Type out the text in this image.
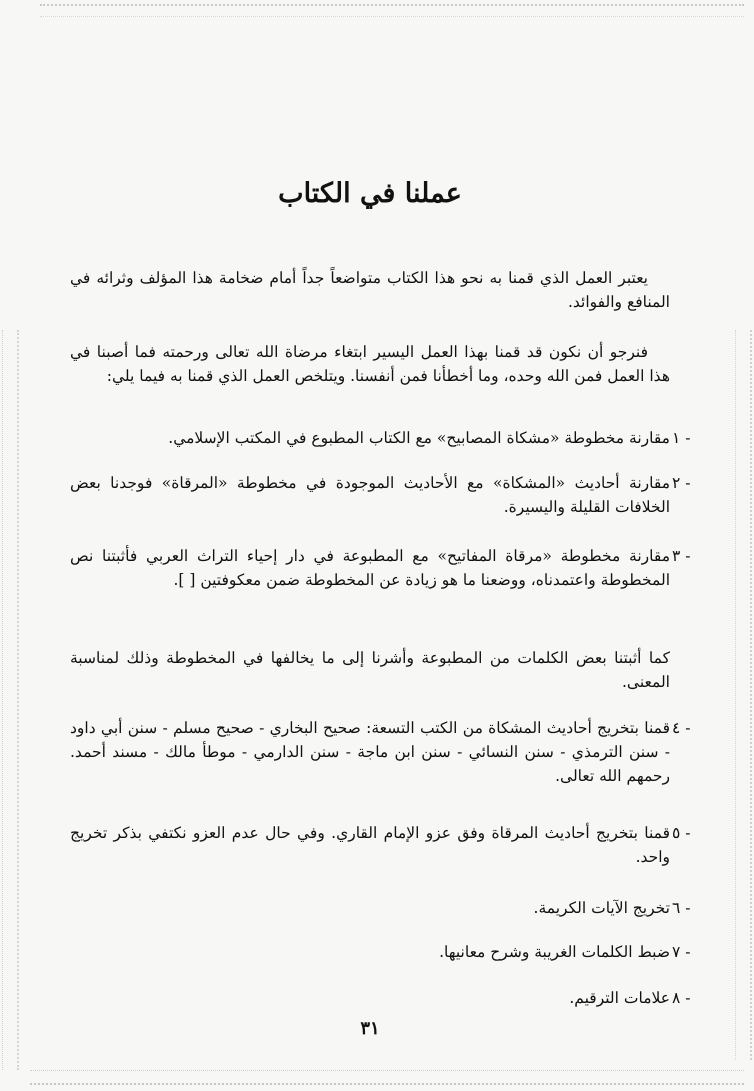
عملنا في الكتاب

يعتبر العمل الذي قمنا به نحو هذا الكتاب متواضعاً جداً أمام ضخامة هذا المؤلف وثرائه في المنافع والفوائد.

فنرجو أن نكون قد قمنا بهذا العمل اليسير ابتغاء مرضاة الله تعالى ورحمته فما أصبنا في هذا العمل فمن الله وحده، وما أخطأنا فمن أنفسنا. ويتلخص العمل الذي قمنا به فيما يلي:

١ -
مقارنة مخطوطة «مشكاة المصابيح» مع الكتاب المطبوع في المكتب الإسلامي.
٢ -
مقارنة أحاديث «المشكاة» مع الأحاديث الموجودة في مخطوطة «المرقاة» فوجدنا بعض الخلافات القليلة واليسيرة.
٣ -
مقارنة مخطوطة «مرقاة المفاتيح» مع المطبوعة في دار إحياء التراث العربي فأثبتنا نص المخطوطة واعتمدناه، ووضعنا ما هو زيادة عن المخطوطة ضمن معكوفتين [ ].
كما أثبتنا بعض الكلمات من المطبوعة وأشرنا إلى ما يخالفها في المخطوطة وذلك لمناسبة المعنى.
٤ -
قمنا بتخريج أحاديث المشكاة من الكتب التسعة: صحيح البخاري - صحيح مسلم - سنن أبي داود - سنن الترمذي - سنن النسائي - سنن ابن ماجة - سنن الدارمي - موطأ مالك - مسند أحمد. رحمهم الله تعالى.
٥ -
قمنا بتخريج أحاديث المرقاة وفق عزو الإمام القاري. وفي حال عدم العزو نكتفي بذكر تخريج واحد.
٦ -
تخريج الآيات الكريمة.
٧ -
ضبط الكلمات الغريبة وشرح معانيها.
٨ -
علامات الترقيم.
٣١
